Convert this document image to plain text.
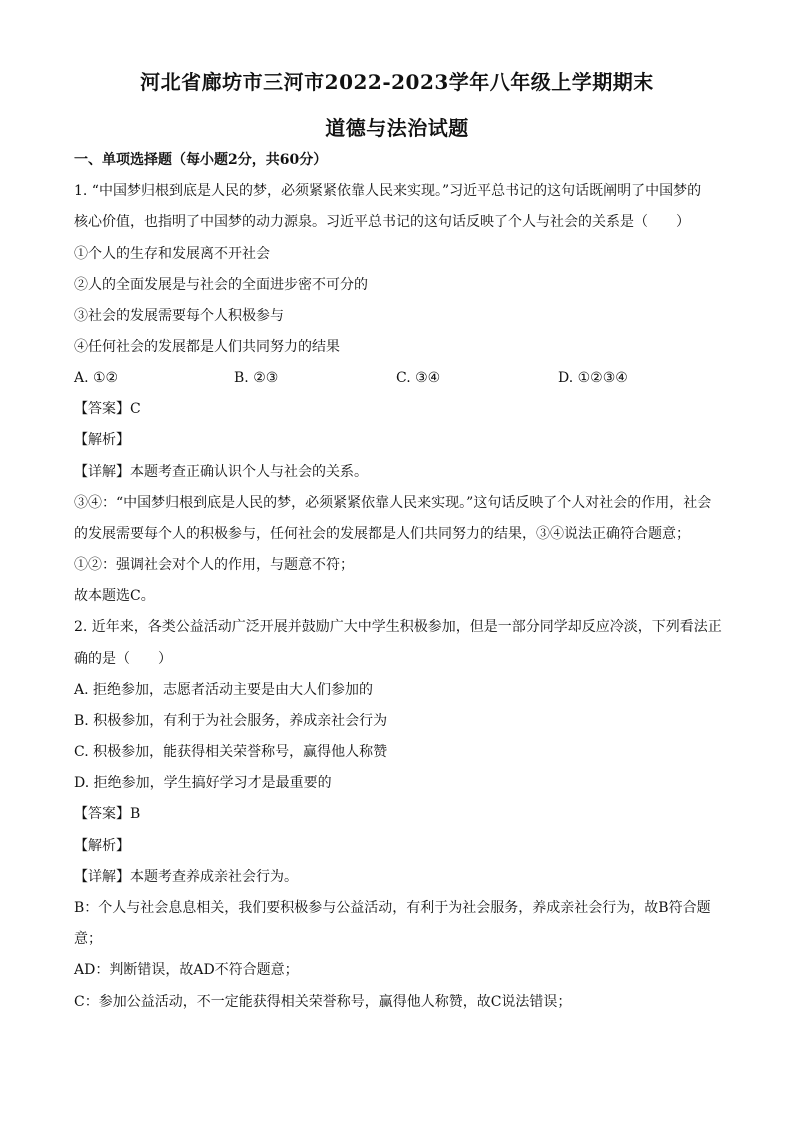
河北省廊坊市三河市2022-2023学年八年级上学期期末
道德与法治试题
一、单项选择题（每小题2分，共60分）
1. “中国梦归根到底是人民的梦，必须紧紧依靠人民来实现。”习近平总书记的这句话既阐明了中国梦的
核心价值，也指明了中国梦的动力源泉。习近平总书记的这句话反映了个人与社会的关系是（　　）
①个人的生存和发展离不开社会
②人的全面发展是与社会的全面进步密不可分的
③社会的发展需要每个人积极参与
④任何社会的发展都是人们共同努力的结果
A. ①②	B. ②③	C. ③④	D. ①②③④
【答案】C
【解析】
【详解】本题考查正确认识个人与社会的关系。
③④：“中国梦归根到底是人民的梦，必须紧紧依靠人民来实现。”这句话反映了个人对社会的作用，社会
的发展需要每个人的积极参与，任何社会的发展都是人们共同努力的结果，③④说法正确符合题意；
①②：强调社会对个人的作用，与题意不符；
故本题选C。
2. 近年来，各类公益活动广泛开展并鼓励广大中学生积极参加，但是一部分同学却反应冷淡，下列看法正
确的是（　　）
A. 拒绝参加，志愿者活动主要是由大人们参加的
B. 积极参加，有利于为社会服务，养成亲社会行为
C. 积极参加，能获得相关荣誉称号，赢得他人称赞
D. 拒绝参加，学生搞好学习才是最重要的
【答案】B
【解析】
【详解】本题考查养成亲社会行为。
B：个人与社会息息相关，我们要积极参与公益活动，有利于为社会服务，养成亲社会行为，故B符合题
意；
AD：判断错误，故AD不符合题意；
C：参加公益活动，不一定能获得相关荣誉称号，赢得他人称赞，故C说法错误；
